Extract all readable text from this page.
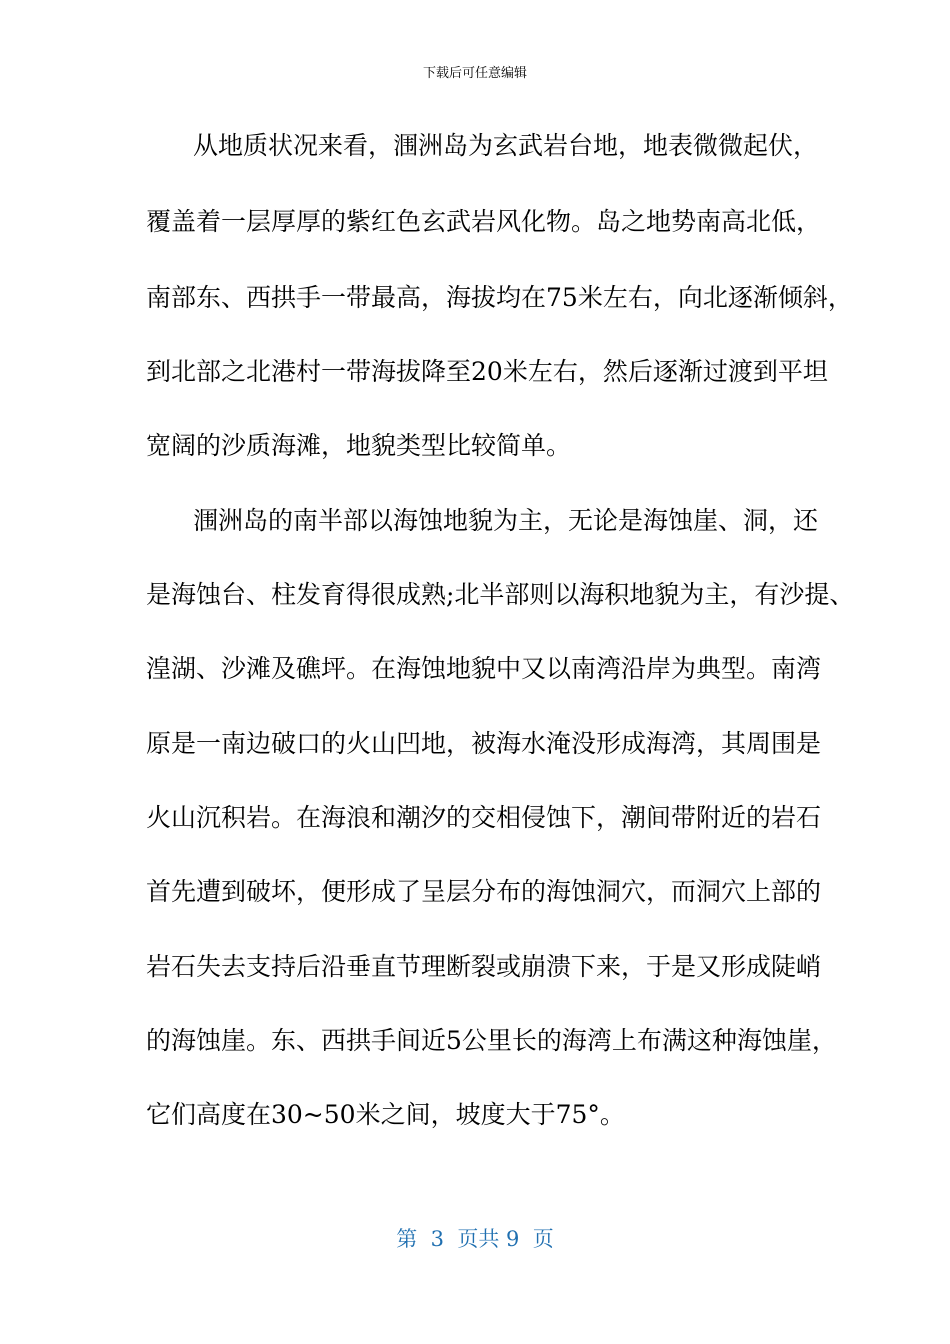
下载后可任意编辑
从地质状况来看，涠洲岛为玄武岩台地，地表微微起伏，
覆盖着一层厚厚的紫红色玄武岩风化物。岛之地势南高北低，
南部东、西拱手一带最高，海拔均在75米左右，向北逐渐倾斜，
到北部之北港村一带海拔降至20米左右，然后逐渐过渡到平坦
宽阔的沙质海滩，地貌类型比较简单。
涠洲岛的南半部以海蚀地貌为主，无论是海蚀崖、洞，还
是海蚀台、柱发育得很成熟;北半部则以海积地貌为主，有沙提、
湟湖、沙滩及礁坪。在海蚀地貌中又以南湾沿岸为典型。南湾
原是一南边破口的火山凹地，被海水淹没形成海湾，其周围是
火山沉积岩。在海浪和潮汐的交相侵蚀下，潮间带附近的岩石
首先遭到破坏，便形成了呈层分布的海蚀洞穴，而洞穴上部的
岩石失去支持后沿垂直节理断裂或崩溃下来，于是又形成陡峭
的海蚀崖。东、西拱手间近5公里长的海湾上布满这种海蚀崖，
它们高度在30~50米之间，坡度大于75°。
第  3  页共 9  页
